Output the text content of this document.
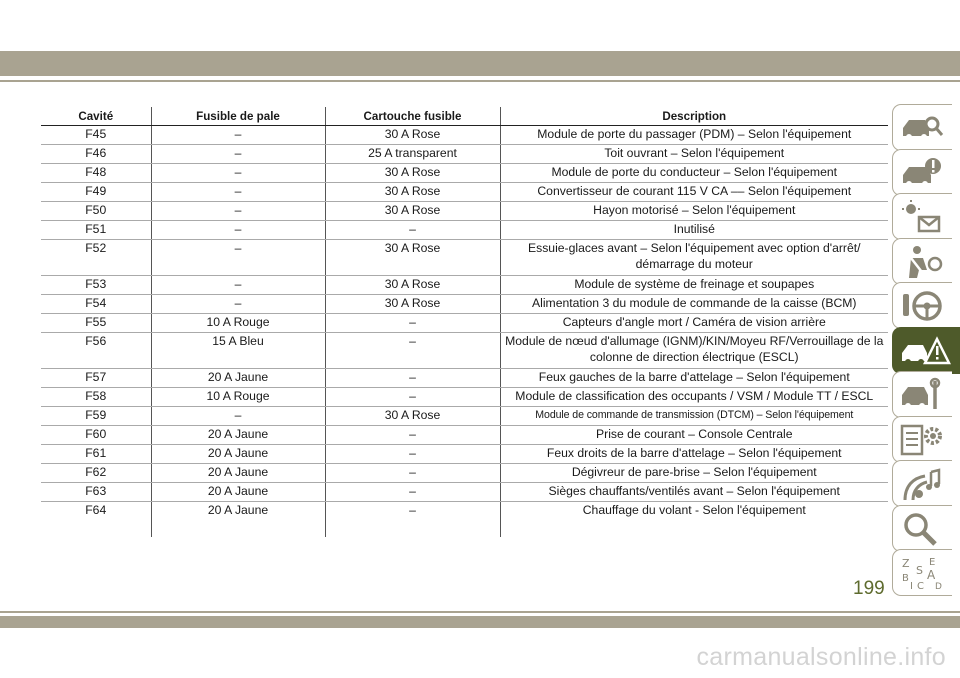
Cavité	Fusible de pale	Cartouche fusible	Description
F45	–	30 A Rose	Module de porte du passager (PDM) – Selon l'équipement
F46	–	25 A transparent	Toit ouvrant – Selon l'équipement
F48	–	30 A Rose	Module de porte du conducteur – Selon l'équipement
F49	–	30 A Rose	Convertisseur de courant 115 V CA –– Selon l'équipement
F50	–	30 A Rose	Hayon motorisé – Selon l'équipement
F51	–	–	Inutilisé
F52	–	30 A Rose	Essuie-glaces avant – Selon l'équipement avec option d'arrêt/ démarrage du moteur
F53	–	30 A Rose	Module de système de freinage et soupapes
F54	–	30 A Rose	Alimentation 3 du module de commande de la caisse (BCM)
F55	10 A Rouge	–	Capteurs d'angle mort / Caméra de vision arrière
F56	15 A Bleu	–	Module de nœud d'allumage (IGNM)/KIN/Moyeu RF/Verrouillage de la colonne de direction électrique (ESCL)
F57	20 A Jaune	–	Feux gauches de la barre d'attelage – Selon l'équipement
F58	10 A Rouge	–	Module de classification des occupants / VSM / Module TT / ESCL
F59	–	30 A Rose	Module de commande de transmission (DTCM) – Selon l'équipement
F60	20 A Jaune	–	Prise de courant – Console Centrale
F61	20 A Jaune	–	Feux droits de la barre d'attelage – Selon l'équipement
F62	20 A Jaune	–	Dégivreur de pare-brise – Selon l'équipement
F63	20 A Jaune	–	Sièges chauffants/ventilés avant – Selon l'équipement
F64	20 A Jaune	–	Chauffage du volant - Selon l'équipement
Z E
B
S A
I C D
199
carmanualsonline.info
